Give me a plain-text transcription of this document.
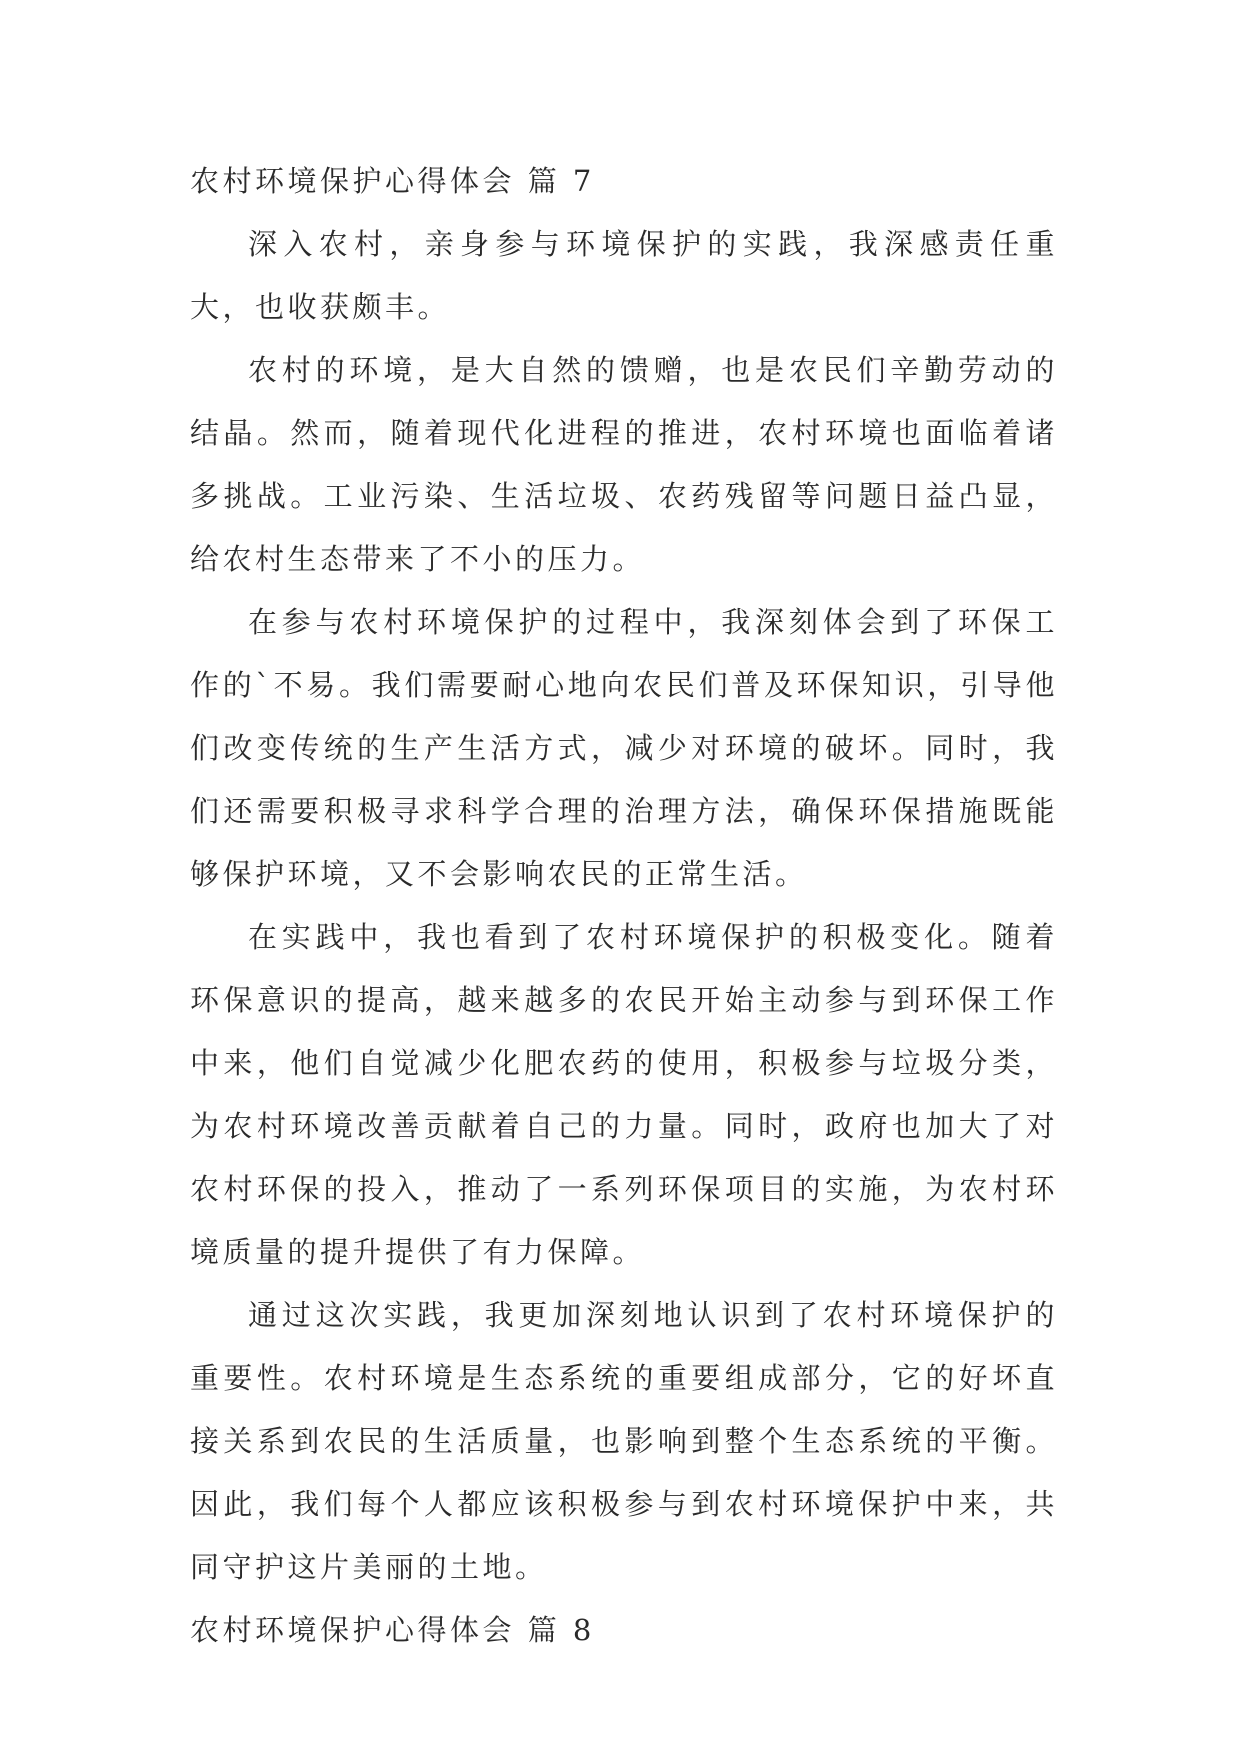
农村环境保护心得体会 篇 7

深入农村，亲身参与环境保护的实践，我深感责任重大，也收获颇丰。

农村的环境，是大自然的馈赠，也是农民们辛勤劳动的结晶。然而，随着现代化进程的推进，农村环境也面临着诸多挑战。工业污染、生活垃圾、农药残留等问题日益凸显，给农村生态带来了不小的压力。

在参与农村环境保护的过程中，我深刻体会到了环保工作的`不易。我们需要耐心地向农民们普及环保知识，引导他们改变传统的生产生活方式，减少对环境的破坏。同时，我们还需要积极寻求科学合理的治理方法，确保环保措施既能够保护环境，又不会影响农民的正常生活。

在实践中，我也看到了农村环境保护的积极变化。随着环保意识的提高，越来越多的农民开始主动参与到环保工作中来，他们自觉减少化肥农药的使用，积极参与垃圾分类，为农村环境改善贡献着自己的力量。同时，政府也加大了对农村环保的投入，推动了一系列环保项目的实施，为农村环境质量的提升提供了有力保障。

通过这次实践，我更加深刻地认识到了农村环境保护的重要性。农村环境是生态系统的重要组成部分，它的好坏直接关系到农民的生活质量，也影响到整个生态系统的平衡。因此，我们每个人都应该积极参与到农村环境保护中来，共同守护这片美丽的土地。

农村环境保护心得体会 篇 8
